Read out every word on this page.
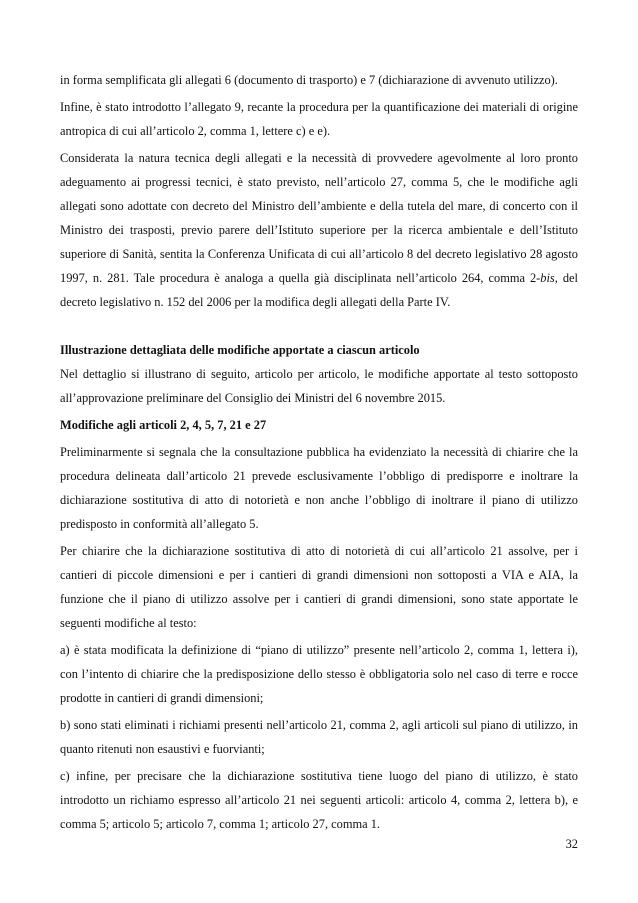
in forma semplificata gli allegati 6 (documento di trasporto) e 7 (dichiarazione di avvenuto utilizzo).

Infine, è stato introdotto l’allegato 9, recante la procedura per la quantificazione dei materiali di origine antropica di cui all’articolo 2, comma 1, lettere c) e e).

Considerata la natura tecnica degli allegati e la necessità di provvedere agevolmente al loro pronto adeguamento ai progressi tecnici, è stato previsto, nell’articolo 27, comma 5, che le modifiche agli allegati sono adottate con decreto del Ministro dell’ambiente e della tutela del mare, di concerto con il Ministro dei trasposti, previo parere dell’Istituto superiore per la ricerca ambientale e dell’Istituto superiore di Sanità, sentita la Conferenza Unificata di cui all’articolo 8 del decreto legislativo 28 agosto 1997, n. 281. Tale procedura è analoga a quella già disciplinata nell’articolo 264, comma 2-bis, del decreto legislativo n. 152 del 2006 per la modifica degli allegati della Parte IV.

Illustrazione dettagliata delle modifiche apportate a ciascun articolo

Nel dettaglio si illustrano di seguito, articolo per articolo, le modifiche apportate al testo sottoposto all’approvazione preliminare del Consiglio dei Ministri del 6 novembre 2015.

Modifiche agli articoli 2, 4, 5, 7, 21 e 27

Preliminarmente si segnala che la consultazione pubblica ha evidenziato la necessità di chiarire che la procedura delineata dall’articolo 21 prevede esclusivamente l’obbligo di predisporre e inoltrare la dichiarazione sostitutiva di atto di notorietà e non anche l’obbligo di inoltrare il piano di utilizzo predisposto in conformità all’allegato 5.

Per chiarire che la dichiarazione sostitutiva di atto di notorietà di cui all’articolo 21 assolve, per i cantieri di piccole dimensioni e per i cantieri di grandi dimensioni non sottoposti a VIA e AIA, la funzione che il piano di utilizzo assolve per i cantieri di grandi dimensioni, sono state apportate le seguenti modifiche al testo:

a) è stata modificata la definizione di “piano di utilizzo” presente nell’articolo 2, comma 1, lettera i), con l’intento di chiarire che la predisposizione dello stesso è obbligatoria solo nel caso di terre e rocce prodotte in cantieri di grandi dimensioni;

b) sono stati eliminati i richiami presenti nell’articolo 21, comma 2, agli articoli sul piano di utilizzo, in quanto ritenuti non esaustivi e fuorvianti;

c) infine, per precisare che la dichiarazione sostitutiva tiene luogo del piano di utilizzo, è stato introdotto un richiamo espresso all’articolo 21 nei seguenti articoli: articolo 4, comma 2, lettera b), e comma 5; articolo 5; articolo 7, comma 1; articolo 27, comma 1.

32
